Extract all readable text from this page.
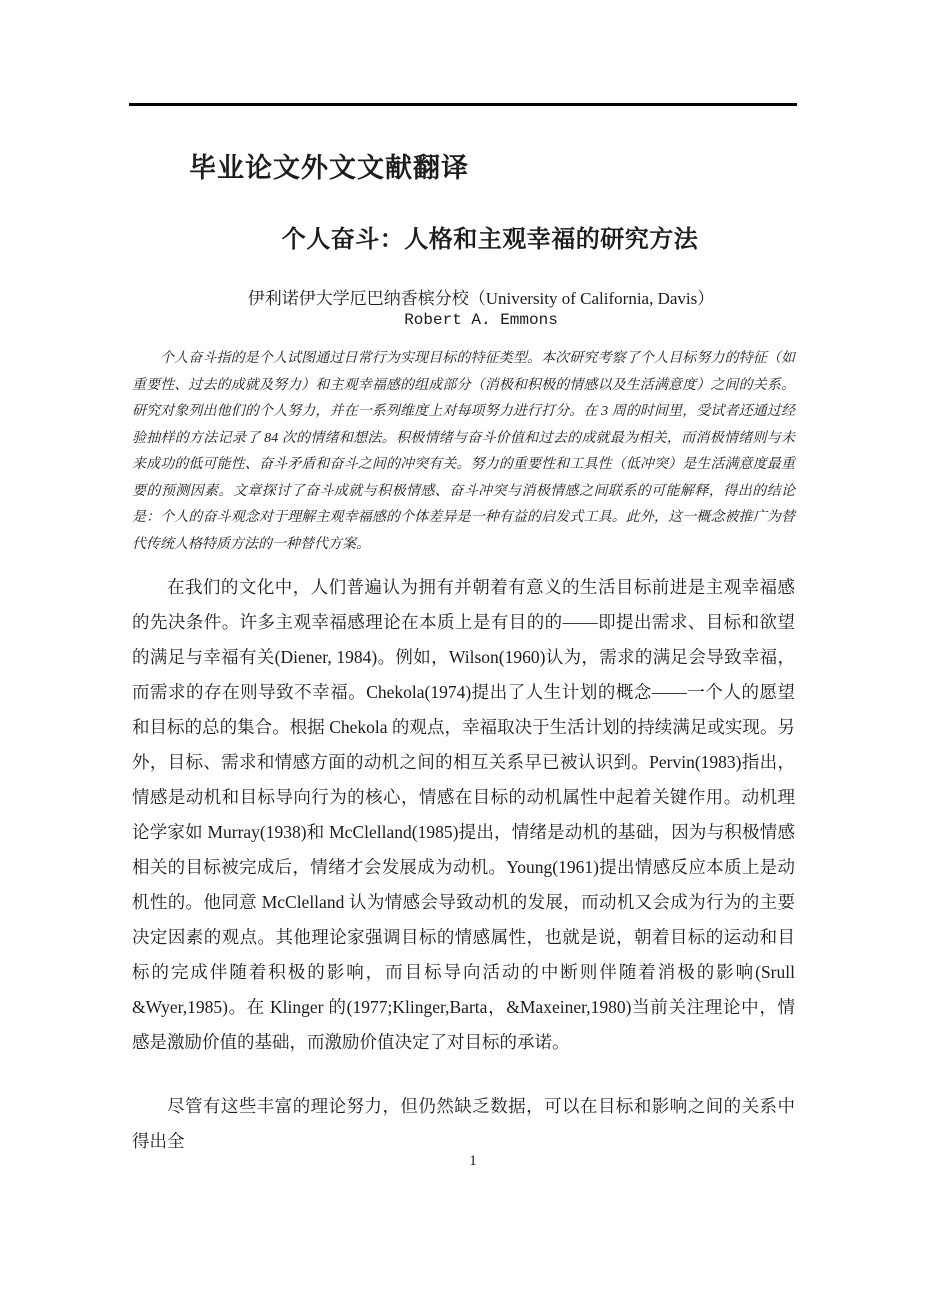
毕业论文外文文献翻译
个人奋斗：人格和主观幸福的研究方法
伊利诺伊大学厄巴纳香槟分校（University of California, Davis）
Robert A. Emmons

个人奋斗指的是个人试图通过日常行为实现目标的特征类型。本次研究考察了个人目标努力的特征（如重要性、过去的成就及努力）和主观幸福感的组成部分（消极和积极的情感以及生活满意度）之间的关系。研究对象列出他们的个人努力，并在一系列维度上对每项努力进行打分。在 3 周的时间里，受试者还通过经验抽样的方法记录了 84 次的情绪和想法。积极情绪与奋斗价值和过去的成就最为相关，而消极情绪则与未来成功的低可能性、奋斗矛盾和奋斗之间的冲突有关。努力的重要性和工具性（低冲突）是生活满意度最重要的预测因素。文章探讨了奋斗成就与积极情感、奋斗冲突与消极情感之间联系的可能解释，得出的结论是：个人的奋斗观念对于理解主观幸福感的个体差异是一种有益的启发式工具。此外，这一概念被推广为替代传统人格特质方法的一种替代方案。

在我们的文化中，人们普遍认为拥有并朝着有意义的生活目标前进是主观幸福感的先决条件。许多主观幸福感理论在本质上是有目的的——即提出需求、目标和欲望的满足与幸福有关(Diener, 1984)。例如，Wilson(1960)认为，需求的满足会导致幸福，而需求的存在则导致不幸福。Chekola(1974)提出了人生计划的概念——一个人的愿望和目标的总的集合。根据 Chekola 的观点，幸福取决于生活计划的持续满足或实现。另外，目标、需求和情感方面的动机之间的相互关系早已被认识到。Pervin(1983)指出，情感是动机和目标导向行为的核心，情感在目标的动机属性中起着关键作用。动机理论学家如 Murray(1938)和 McClelland(1985)提出，情绪是动机的基础，因为与积极情感相关的目标被完成后，情绪才会发展成为动机。Young(1961)提出情感反应本质上是动机性的。他同意 McClelland 认为情感会导致动机的发展，而动机又会成为行为的主要决定因素的观点。其他理论家强调目标的情感属性，也就是说，朝着目标的运动和目标的完成伴随着积极的影响，而目标导向活动的中断则伴随着消极的影响(Srull &Wyer,1985)。在 Klinger 的(1977;Klinger,Barta，&Maxeiner,1980)当前关注理论中，情感是激励价值的基础，而激励价值决定了对目标的承诺。

尽管有这些丰富的理论努力，但仍然缺乏数据，可以在目标和影响之间的关系中得出全

1
